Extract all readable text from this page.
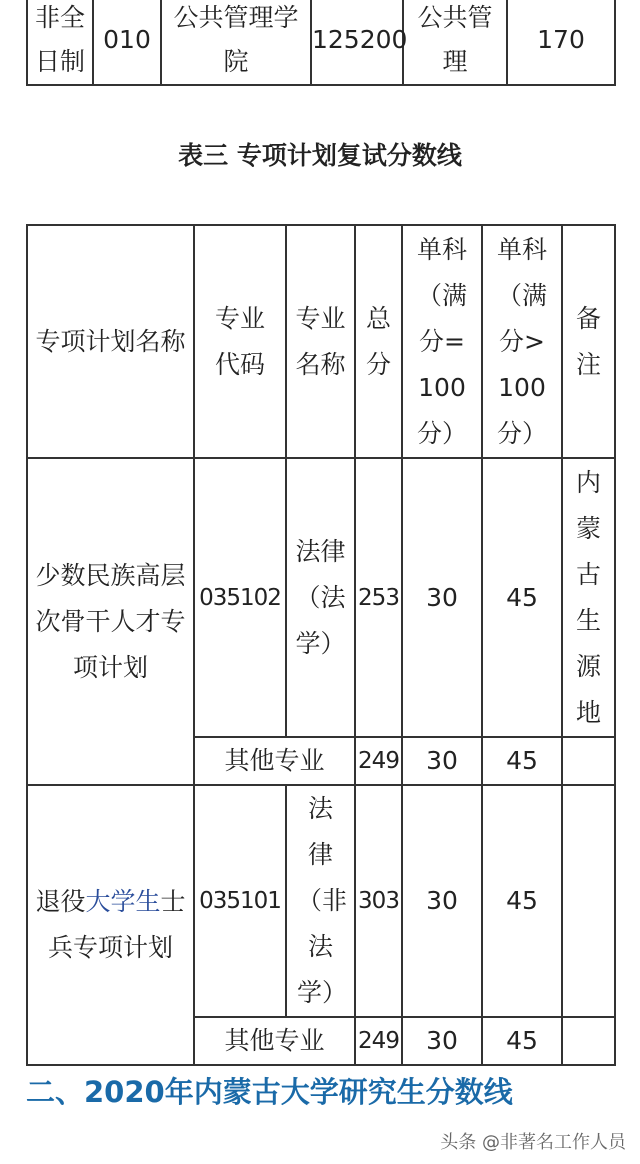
非全日制	010	公共管理学院	125200	公共管理	170
表三 专项计划复试分数线
专项计划名称	专业代码	专业名称	总分	单科（满分=100分）	单科（满分>100分）	备注
少数民族高层次骨干人才专项计划	035102	法律（法学）	253	30	45	内蒙古生源地
	其他专业		249	30	45	
退役大学生士兵专项计划	035101	法律（非法学）	303	30	45	
	其他专业		249	30	45	
二、2020年内蒙古大学研究生分数线
头条 @非著名工作人员
